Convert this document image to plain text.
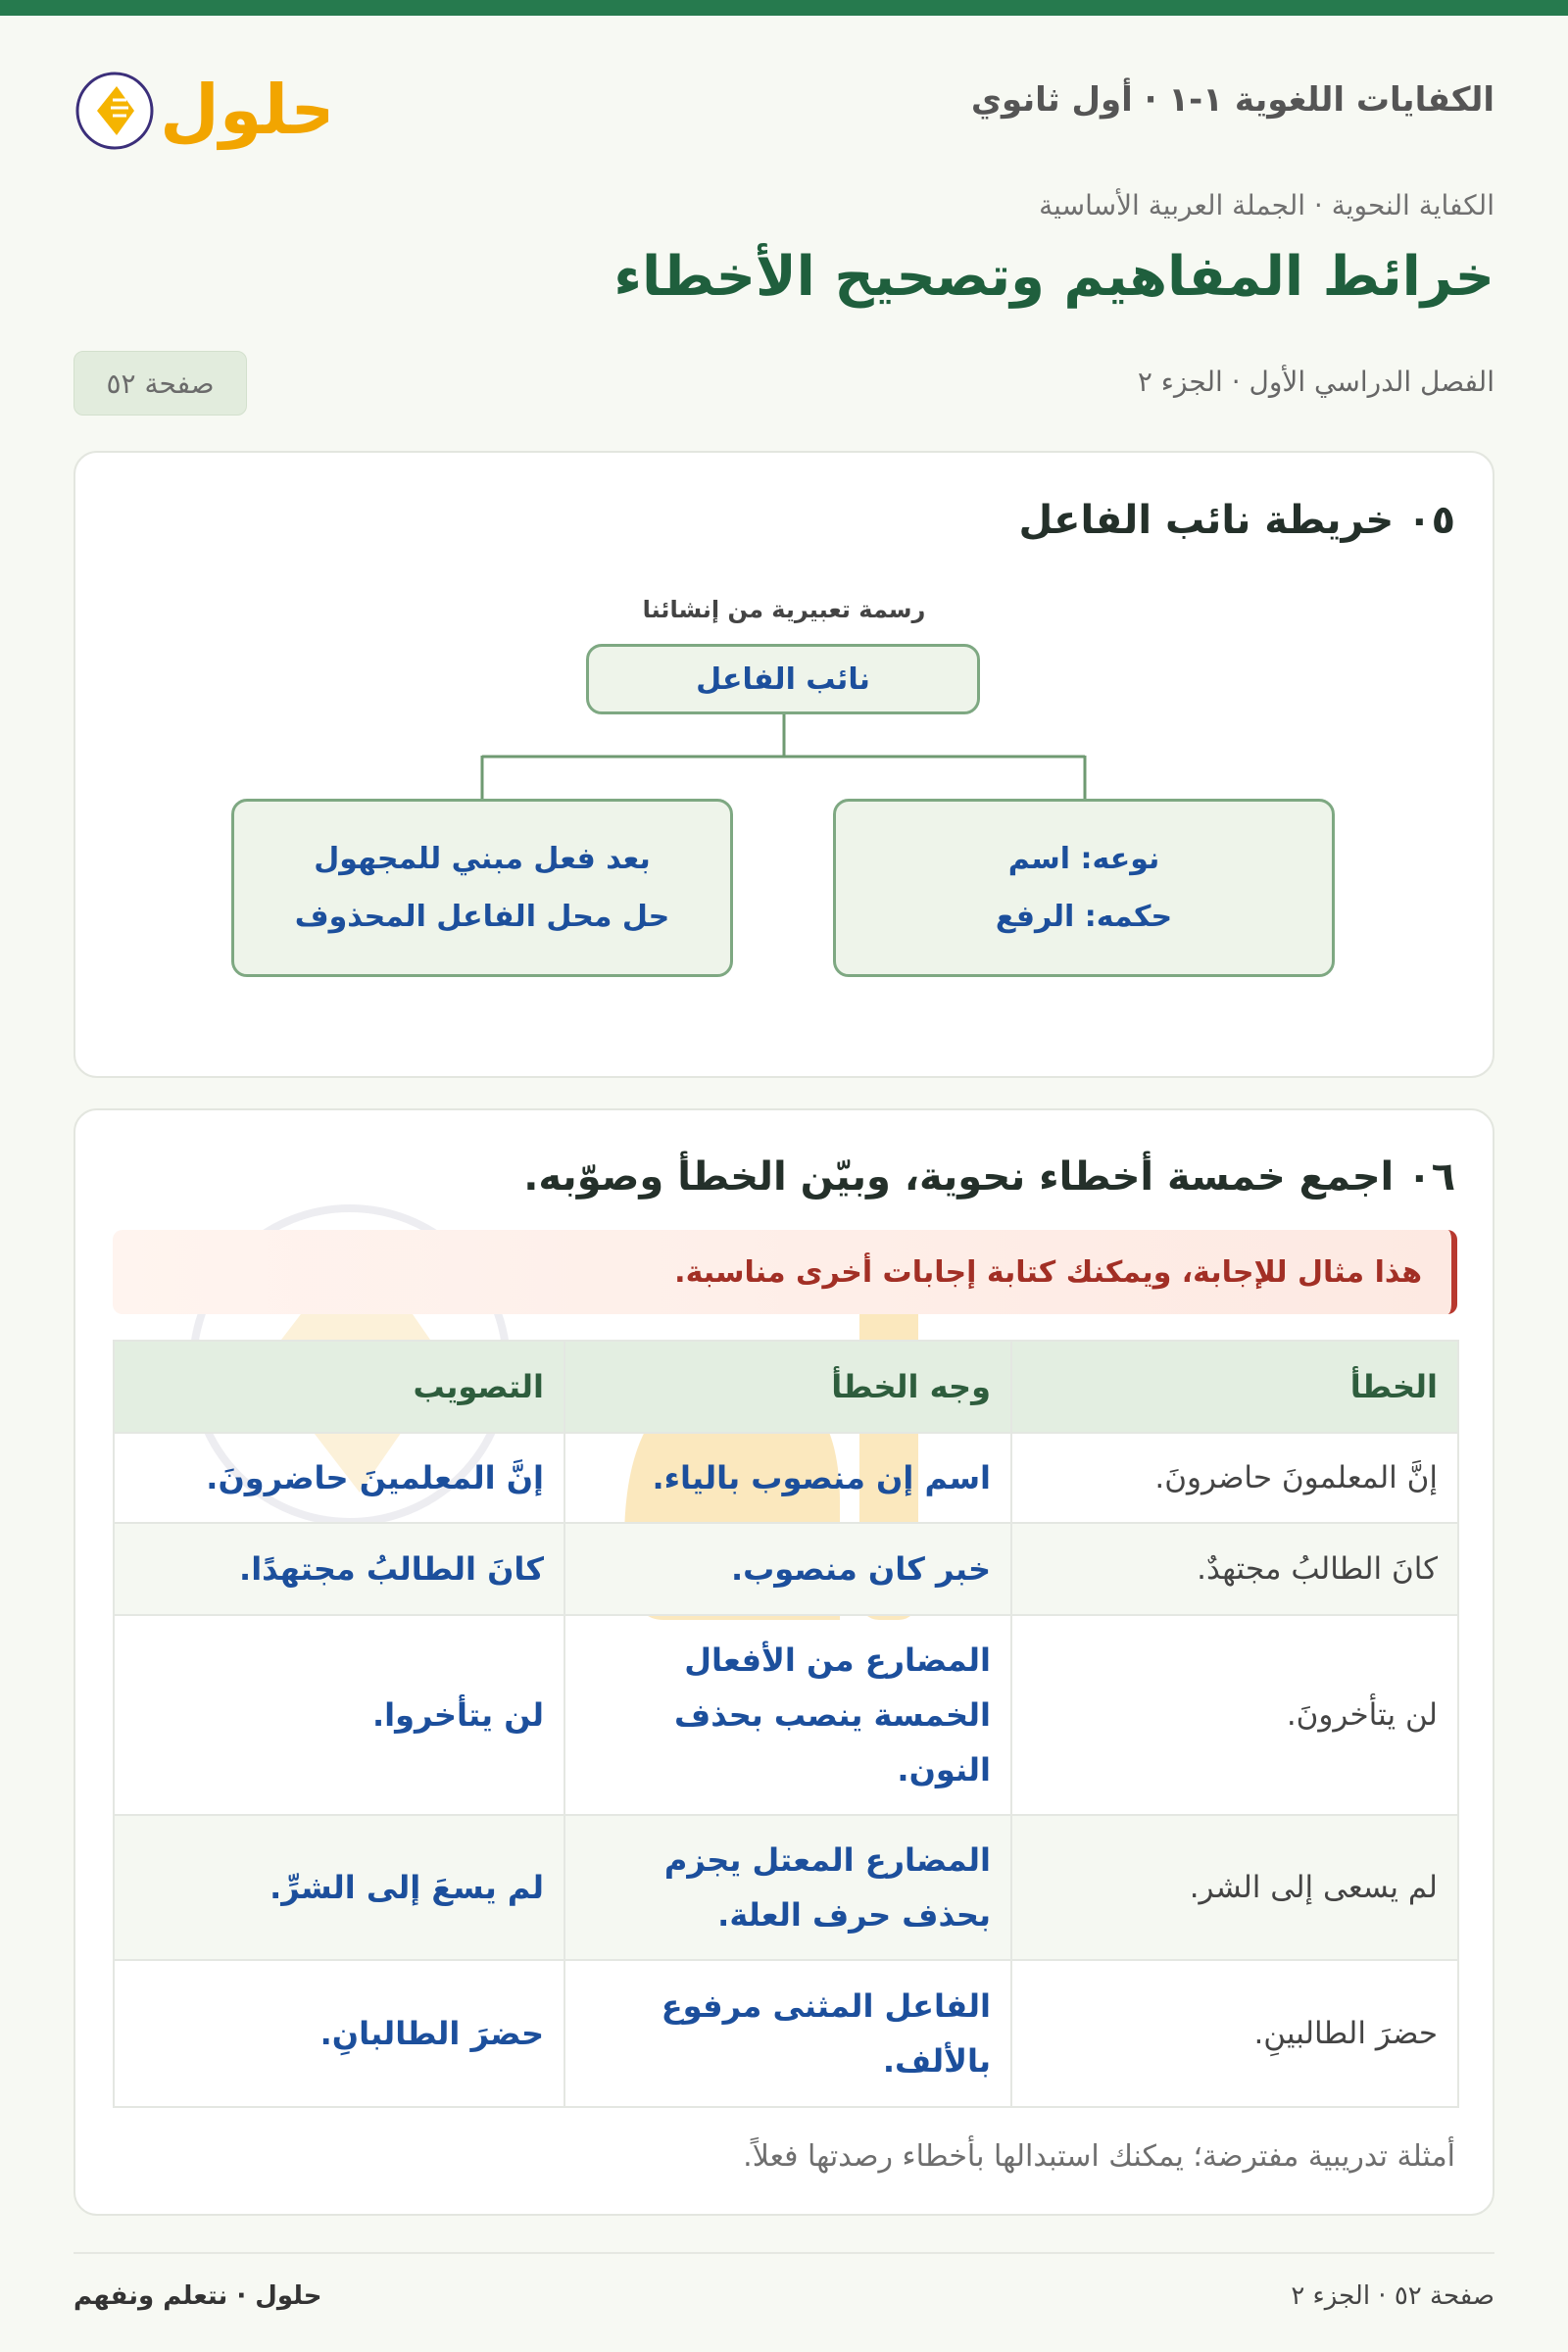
الكفايات اللغوية ١-١ · أول ثانوي
حلول
الكفاية النحوية · الجملة العربية الأساسية
خرائط المفاهيم وتصحيح الأخطاء
الفصل الدراسي الأول · الجزء ٢
صفحة ٥٢
٠٥ خريطة نائب الفاعل
رسمة تعبيرية من إنشائنا
نائب الفاعل
نوعه: اسم
حكمه: الرفع
بعد فعل مبني للمجهول
حل محل الفاعل المحذوف
٠٦ اجمع خمسة أخطاء نحوية، وبيّن الخطأ وصوّبه.
هذا مثال للإجابة، ويمكنك كتابة إجابات أخرى مناسبة.
الخطأ	وجه الخطأ	التصويب
إنَّ المعلمونَ حاضرونَ.	اسم إن منصوب بالياء.	إنَّ المعلمينَ حاضرونَ.
كانَ الطالبُ مجتهدٌ.	خبر كان منصوب.	كانَ الطالبُ مجتهدًا.
لن يتأخرونَ.	المضارع من الأفعال الخمسة ينصب بحذف النون.	لن يتأخروا.
لم يسعى إلى الشر.	المضارع المعتل يجزم بحذف حرف العلة.	لم يسعَ إلى الشرِّ.
حضرَ الطالبينِ.	الفاعل المثنى مرفوع بالألف.	حضرَ الطالبانِ.
أمثلة تدريبية مفترضة؛ يمكنك استبدالها بأخطاء رصدتها فعلاً.
حلول · نتعلم ونفهم	صفحة ٥٢ · الجزء ٢
